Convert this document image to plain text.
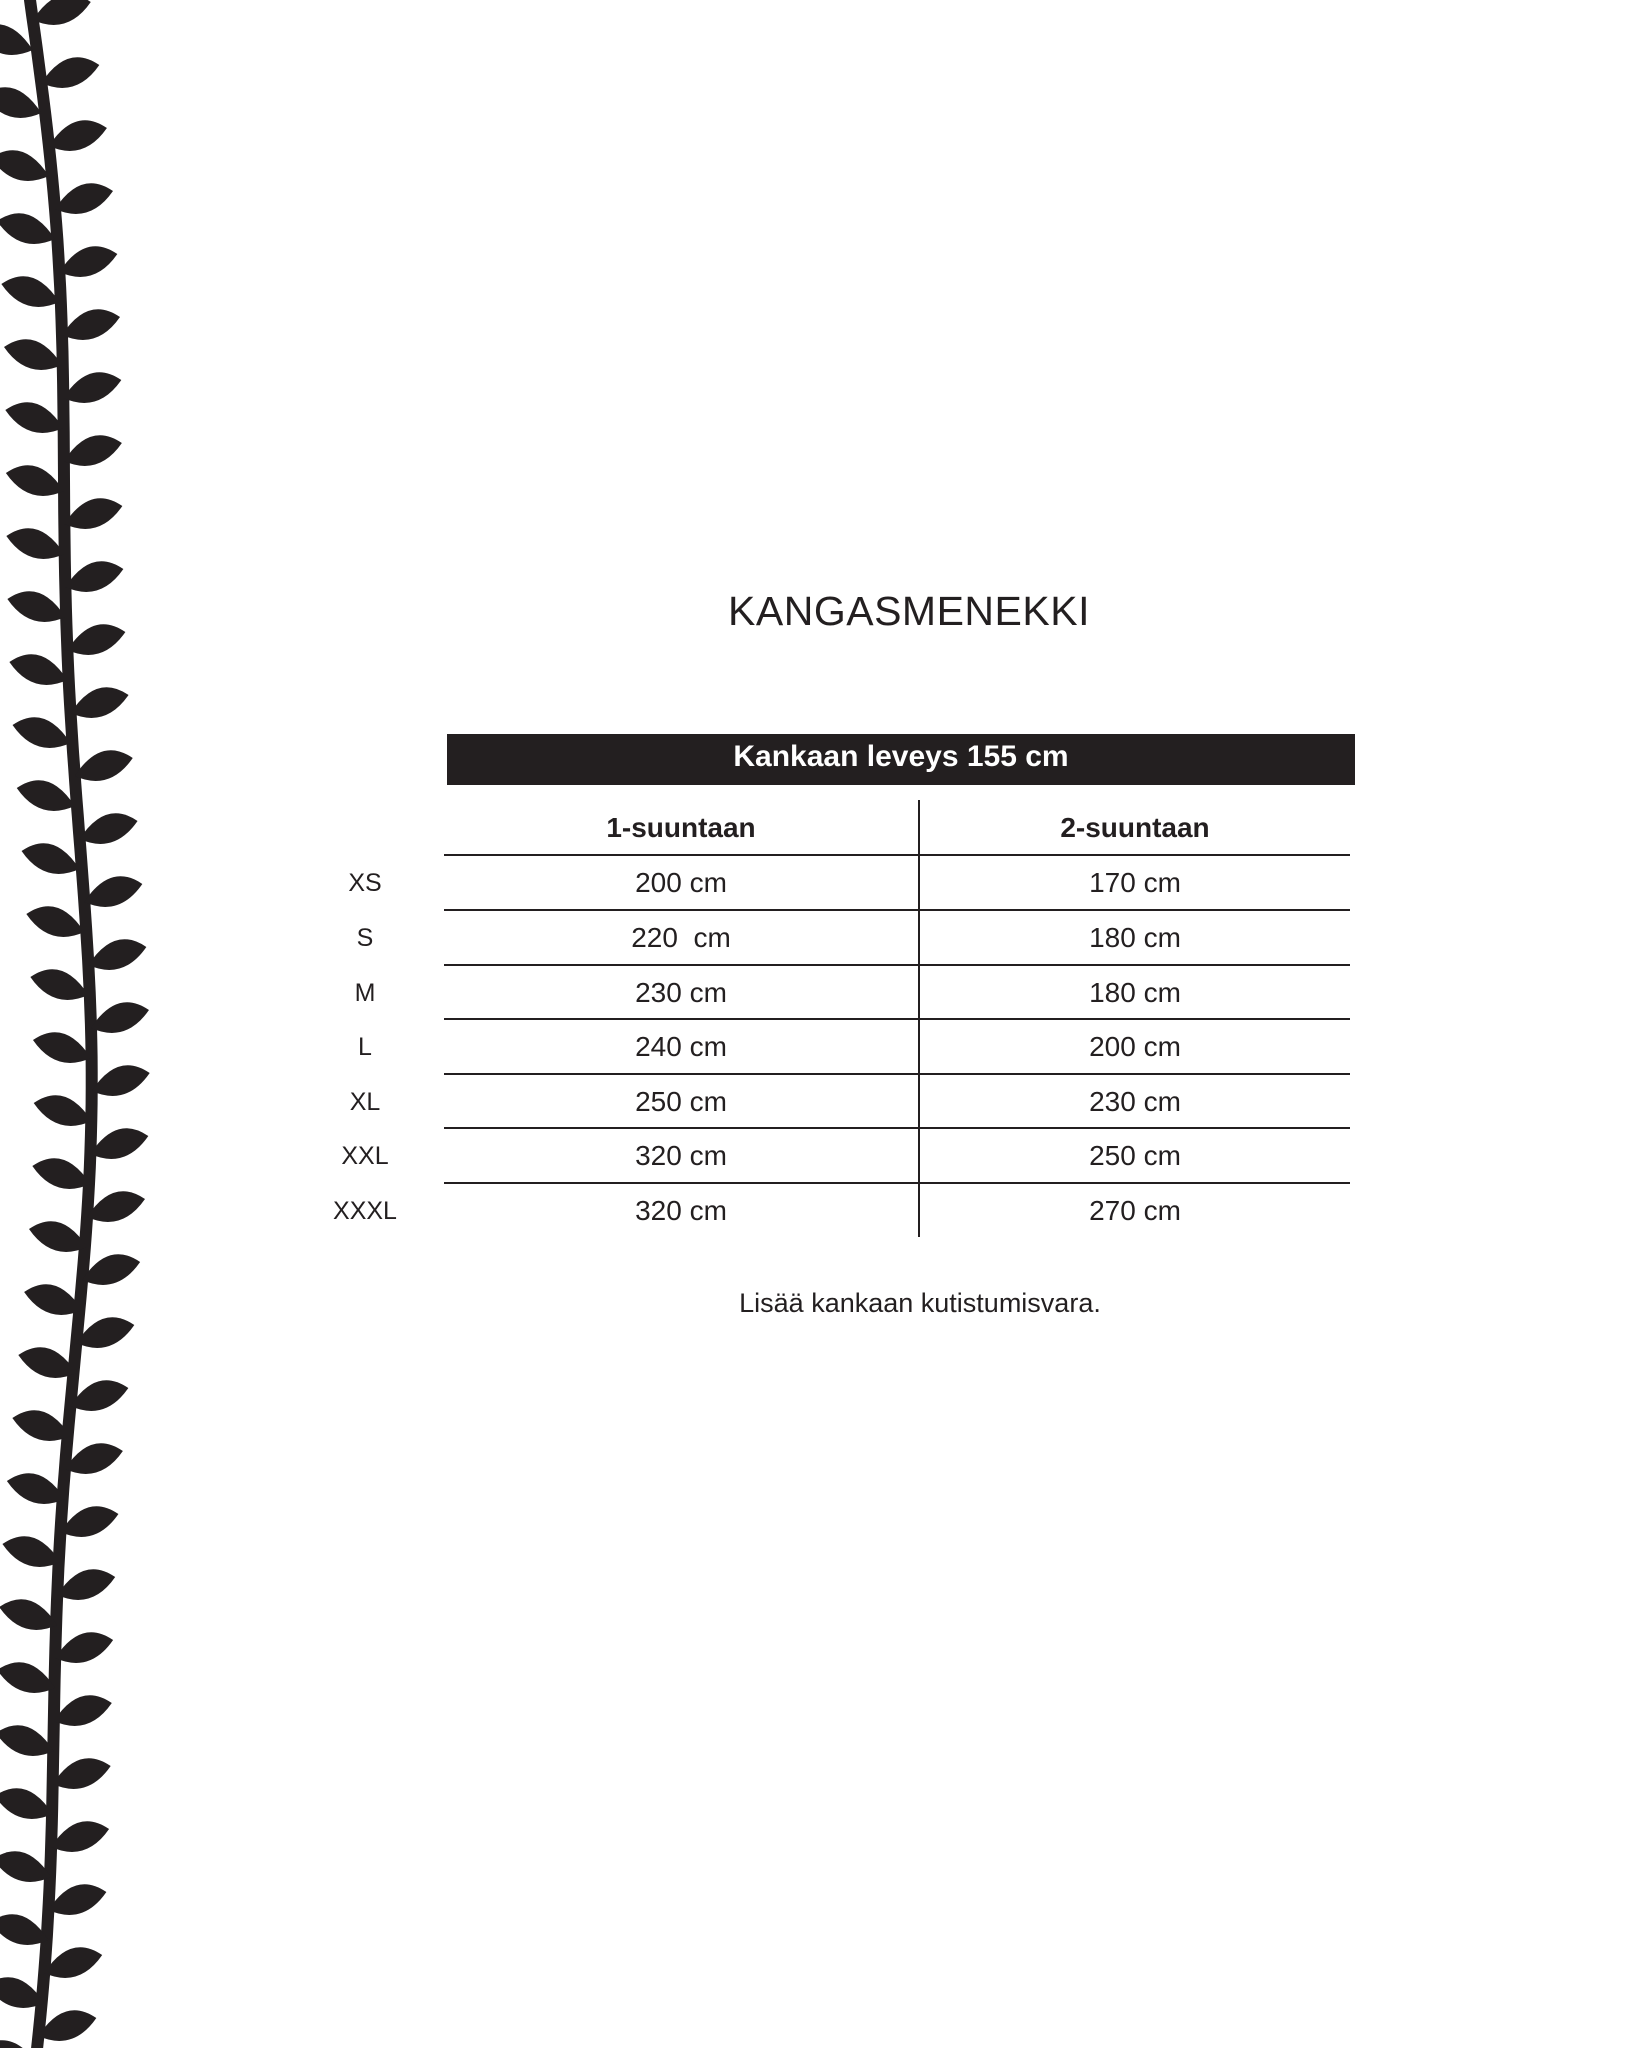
KANGASMENEKKI
Kankaan leveys 155 cm
1-suuntaan	2-suuntaan
XS	200 cm	170 cm
S	220  cm	180 cm
M	230 cm	180 cm
L	240 cm	200 cm
XL	250 cm	230 cm
XXL	320 cm	250 cm
XXXL	320 cm	270 cm
Lisää kankaan kutistumisvara.
